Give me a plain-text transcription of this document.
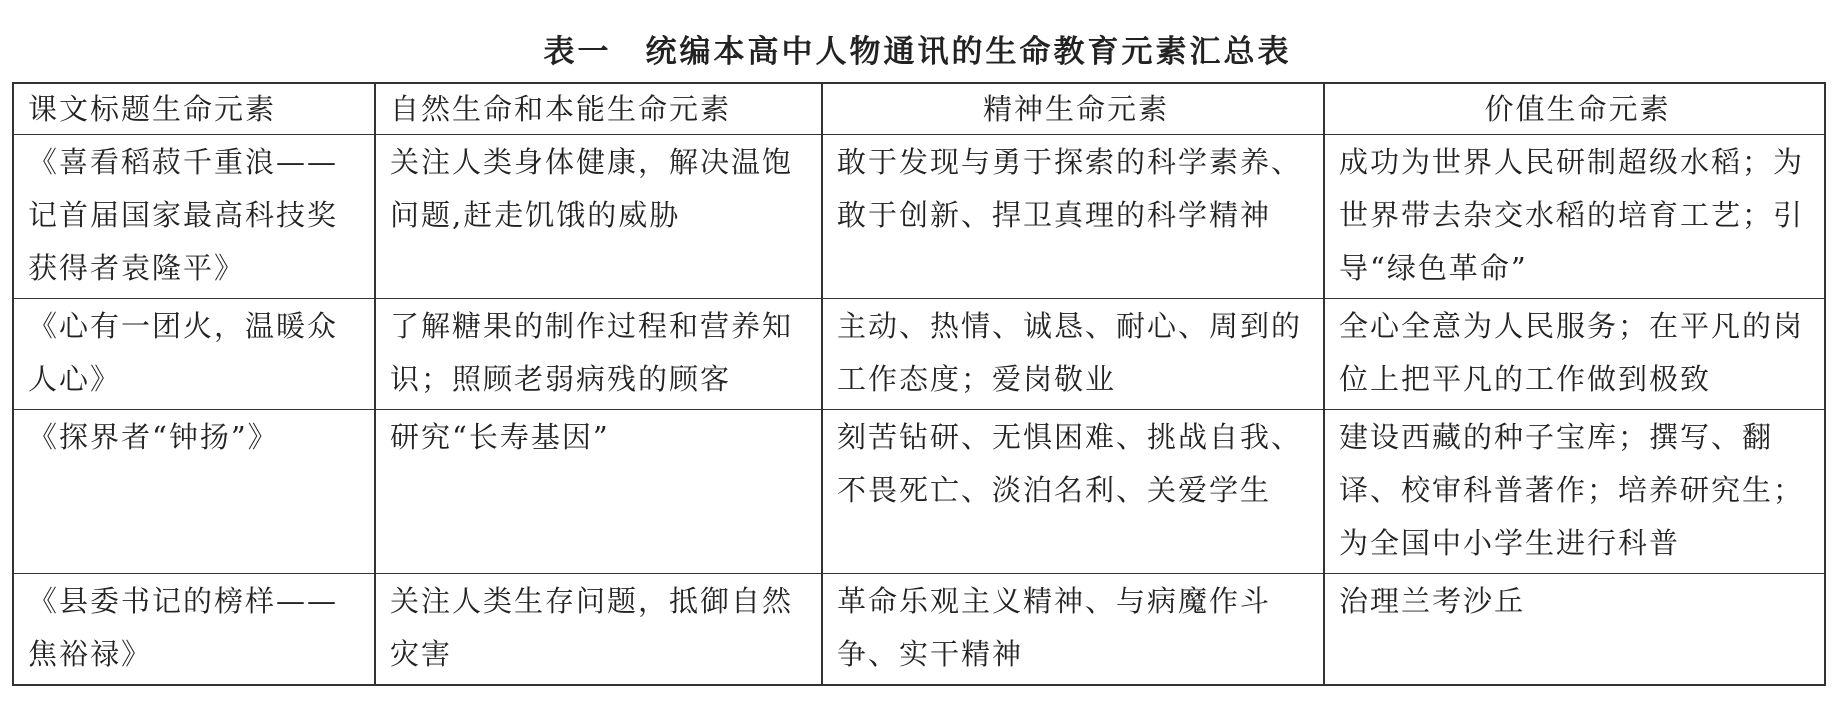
表一　统编本高中人物通讯的生命教育元素汇总表
课文标题生命元素	自然生命和本能生命元素	精神生命元素	价值生命元素
《喜看稻菽千重浪——记首届国家最高科技奖获得者袁隆平》	关注人类身体健康，解决温饱问题,赶走饥饿的威胁	敢于发现与勇于探索的科学素养、敢于创新、捍卫真理的科学精神	成功为世界人民研制超级水稻；为世界带去杂交水稻的培育工艺；引导“绿色革命”
《心有一团火，温暖众人心》	了解糖果的制作过程和营养知识；照顾老弱病残的顾客	主动、热情、诚恳、耐心、周到的工作态度；爱岗敬业	全心全意为人民服务；在平凡的岗位上把平凡的工作做到极致
《探界者“钟扬”》	研究“长寿基因”	刻苦钻研、无惧困难、挑战自我、不畏死亡、淡泊名利、关爱学生	建设西藏的种子宝库；撰写、翻译、校审科普著作；培养研究生；为全国中小学生进行科普
《县委书记的榜样——焦裕禄》	关注人类生存问题，抵御自然灾害	革命乐观主义精神、与病魔作斗争、实干精神	治理兰考沙丘
